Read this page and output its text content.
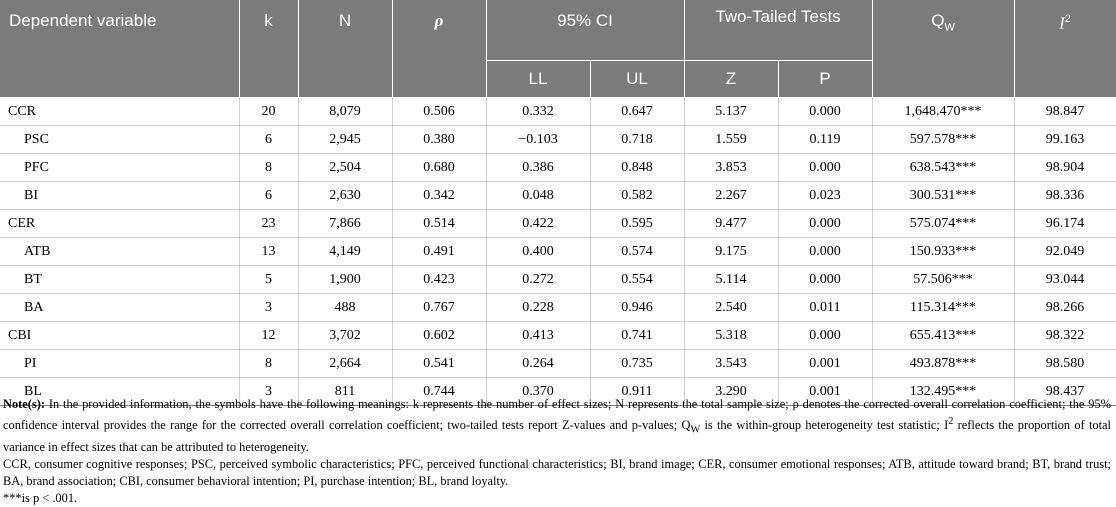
Dependent variable	k	N	ρ	95% CI		Two-Tailed Tests		$Q_W$	$I^2$

				LL	UL	Z	P		
CCR	20	8,079	0.506	0.332	0.647	5.137	0.000	1,648.470***	98.847
PSC	6	2,945	0.380	−0.103	0.718	1.559	0.119	597.578***	99.163
PFC	8	2,504	0.680	0.386	0.848	3.853	0.000	638.543***	98.904
BI	6	2,630	0.342	0.048	0.582	2.267	0.023	300.531***	98.336
CER	23	7,866	0.514	0.422	0.595	9.477	0.000	575.074***	96.174
ATB	13	4,149	0.491	0.400	0.574	9.175	0.000	150.933***	92.049
BT	5	1,900	0.423	0.272	0.554	5.114	0.000	57.506***	93.044
BA	3	488	0.767	0.228	0.946	2.540	0.011	115.314***	98.266
CBI	12	3,702	0.602	0.413	0.741	5.318	0.000	655.413***	98.322
PI	8	2,664	0.541	0.264	0.735	3.543	0.001	493.878***	98.580
BL	3	811	0.744	0.370	0.911	3.290	0.001	132.495***	98.437

Note(s): In the provided information, the symbols have the following meanings: k represents the number of effect sizes; N represents the total sample size; ρ denotes the corrected overall correlation coefficient; the 95% confidence interval provides the range for the corrected overall correlation coefficient; two-tailed tests report Z-values and p-values; $Q_W$ is the within-group heterogeneity test statistic; $I^2$ reflects the proportion of total variance in effect sizes that can be attributed to heterogeneity.

CCR, consumer cognitive responses; PSC, perceived symbolic characteristics; PFC, perceived functional characteristics; BI, brand image; CER, consumer emotional responses; ATB, attitude toward brand; BT, brand trust; BA, brand association; CBI, consumer behavioral intention; PI, purchase intention; BL, brand loyalty.

***is p < .001.
